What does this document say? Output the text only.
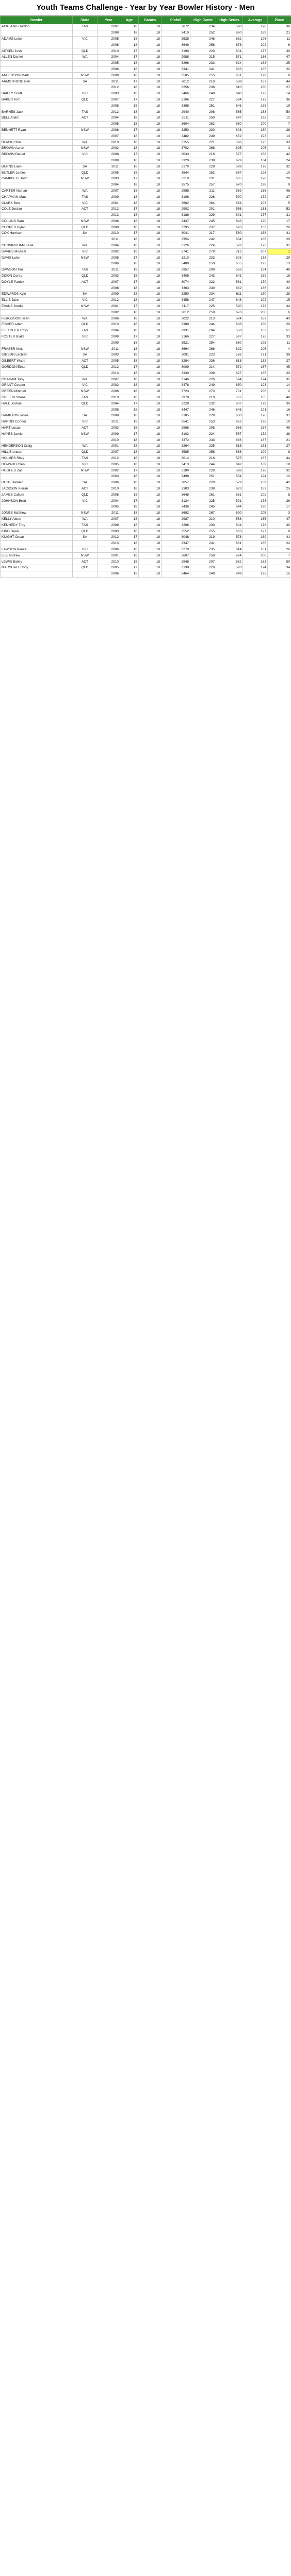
Youth Teams Challenge - Year by Year Bowler History - Men
Bowler	State	Year	Age	Games	Pinfall	High Game	High Series	Average	Place
ACKLAND Gordon	TAS	2007	18	18	3072	234	590	170	38
		2008	18	18	3410	252	660	189	21
ADAMS Luke	VIC	2005	18	18	3528	246	632	196	11
		2006	18	18	3649	258	678	202	6
AITKEN Josh	QLD	2010	17	18	3190	223	601	177	30
ALLEN Daniel	WA	2004	17	18	2988	215	571	166	47
		2005	18	18	3296	233	624	183	25
		2006	18	18	3341	241	633	185	22
ANDERSON Mark	NSW	2009	18	18	3585	255	661	199	8
ARMSTRONG Ben	SA	2011	17	18	3012	219	588	167	44
		2012	18	18	3256	236	610	180	27
BAILEY Scott	VIC	2003	18	18	3466	248	640	192	14
BAKER Tom	QLD	2007	17	18	3106	227	584	172	36
		2008	18	18	3398	251	646	188	19
BARNES Jack	TAS	2012	18	18	2940	206	565	163	50
BELL Adam	ACT	2004	18	18	3511	250	647	195	12
		2005	18	18	3604	262	680	200	7
BENNETT Ryan	NSW	2006	17	18	3250	230	608	180	28
		2007	18	18	3482	249	652	193	13
BLACK Chris	WA	2010	18	18	3155	221	596	175	33
BROWN Aaron	NSW	2002	18	18	3702	268	695	205	3
BROWN Daniel	VIC	2008	17	18	3033	218	577	168	42
		2009	18	18	3320	239	629	184	24
BURNS Liam	SA	2011	18	18	3170	228	599	176	32
BUTLER James	QLD	2005	18	18	3544	252	657	196	10
CAMPBELL Josh	NSW	2003	17	18	3219	231	605	178	29
		2004	18	18	3575	257	670	198	9
CARTER Nathan	WA	2007	18	18	2995	211	569	166	46
CHAPMAN Matt	TAS	2009	18	18	3108	226	590	172	37
CLARK Ben	VIC	2001	18	18	3662	264	684	203	5
COLE Jordan	ACT	2012	17	18	2902	201	556	161	52
		2013	18	18	3188	229	601	177	31
COLLINS Sam	NSW	2006	18	18	3437	245	643	190	17
COOPER Dylan	QLD	2008	18	18	3295	237	620	183	26
COX Harrison	SA	2010	17	18	3041	217	580	168	41
		2011	18	18	3354	242	634	186	20
CUNNINGHAM Kane	WA	2004	18	18	3126	224	592	173	35
DAVIES Michael	VIC	2002	18	18	3741	279	712	207	1
DAVIS Luke	NSW	2005	17	18	3210	233	603	178	29
		2006	18	18	3489	250	655	193	13
DAWSON Tim	TAS	2011	18	18	2957	209	563	164	49
DIXON Corey	QLD	2003	18	18	3405	243	641	189	18
DOYLE Patrick	ACT	2007	17	18	3074	222	581	170	40
		2008	18	18	3363	240	632	186	22
EDWARDS Kyle	SA	2009	18	18	3250	234	611	180	28
ELLIS Jake	VIC	2012	18	18	3458	247	648	192	15
EVANS Brodie	NSW	2001	17	18	3117	225	590	173	34
		2002	18	18	3612	259	676	200	6
FERGUSON Sean	WA	2006	18	18	3022	213	574	167	43
FISHER Adam	QLD	2010	18	18	3389	244	638	188	20
FLETCHER Rhys	TAS	2004	18	18	2931	204	558	162	51
FOSTER Blake	VIC	2008	17	18	3166	227	597	175	33
		2009	18	18	3521	254	660	195	11
FRASER Nick	NSW	2011	18	18	3694	266	692	205	4
GIBSON Lachlan	SA	2003	18	18	3091	223	586	171	39
GILBERT Wade	ACT	2005	18	18	3284	236	618	182	27
GORDON Ethan	QLD	2012	17	18	3009	214	572	167	45
		2013	18	18	3330	239	627	185	23
GRAHAM Toby	WA	2007	18	18	3146	226	594	174	35
GRANT Cooper	VIC	2002	18	18	3478	249	650	193	14
GREEN Mitchell	NSW	2006	18	18	3723	273	701	206	2
GRIFFIN Shane	TAS	2010	18	18	2978	210	567	165	48
HALL Joshua	QLD	2004	17	18	3228	232	607	179	30
		2005	18	18	3447	246	645	191	16
HAMILTON Jesse	SA	2008	18	18	3185	229	600	176	31
HARRIS Connor	VIC	2011	18	18	3541	253	662	196	10
HART Lucas	ACT	2003	18	18	2966	208	566	164	49
HAYES Jamie	NSW	2009	17	18	3102	224	587	172	38
		2010	18	18	3372	243	636	187	21
HENDERSON Craig	WA	2001	18	18	3264	235	615	181	27
HILL Brendan	QLD	2007	18	18	3585	256	668	199	8
HOLMES Riley	TAS	2012	18	18	3014	216	575	167	44
HOWARD Glen	VIC	2005	18	18	3413	244	642	189	18
HUGHES Zac	NSW	2002	17	18	3180	228	598	176	32
		2003	18	18	3498	251	654	194	12
HUNT Damien	SA	2006	18	18	3057	220	579	169	42
JACKSON Kieran	ACT	2010	18	18	3303	238	623	183	25
JAMES Callum	QLD	2008	18	18	3648	261	681	202	5
JOHNSON Brett	VIC	2004	17	18	3124	225	591	173	36
		2005	18	18	3436	245	644	190	17
JONES Matthew	NSW	2011	18	18	3692	267	690	205	3
KELLY Aiden	WA	2007	18	18	2987	210	568	165	47
KENNEDY Troy	TAS	2009	18	18	3206	230	604	178	30
KING Dean	QLD	2003	18	18	3552	255	663	197	9
KNIGHT Oscar	SA	2012	17	18	3048	219	578	169	41
		2013	18	18	3347	241	631	185	22
LAWSON Reece	VIC	2006	18	18	3270	235	614	181	26
LEE Andrew	NSW	2001	18	18	3607	258	674	200	7
LEWIS Bailey	ACT	2010	18	18	2948	207	562	163	50
MARSHALL Cody	QLD	2005	17	18	3138	226	593	174	34
		2006	18	18	3464	248	649	192	15
